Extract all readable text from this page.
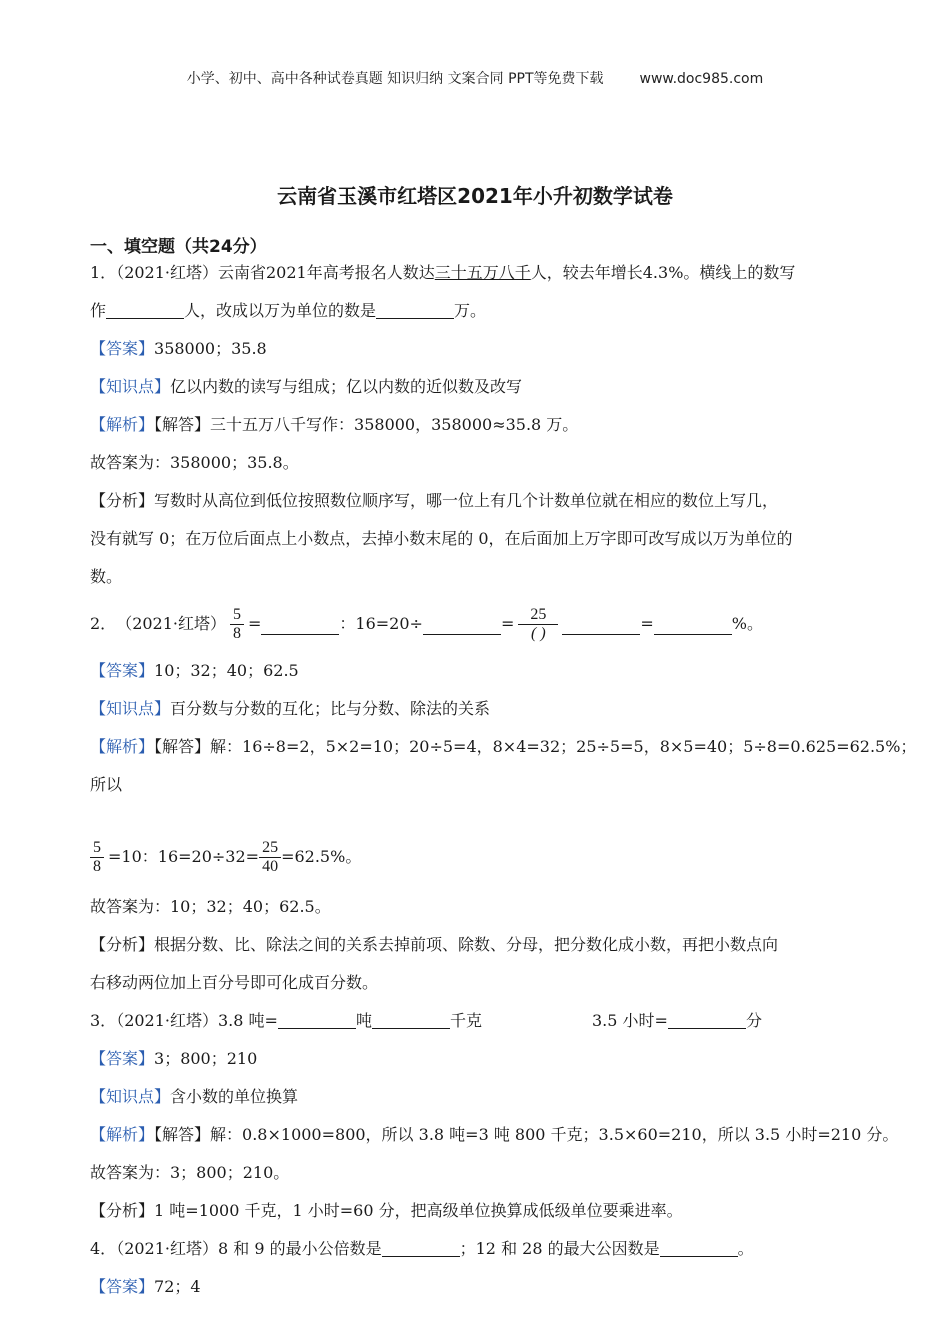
小学、初中、高中各种试卷真题 知识归纳 文案合同 PPT等免费下载	www.doc985.com
云南省玉溪市红塔区2021年小升初数学试卷
一、填空题（共24分）
1．（2021·红塔）云南省2021年高考报名人数达三十五万八千人，较去年增长4.3%。横线上的数写
作	人，改成以万为单位的数是	万。
【答案】358000；35.8
【知识点】亿以内数的读写与组成；亿以内数的近似数及改写
【解析】【解答】三十五万八千写作：358000，358000≈35.8 万。
故答案为：358000；35.8。
【分析】写数时从高位到低位按照数位顺序写，哪一位上有几个计数单位就在相应的数位上写几，
没有就写 0；在万位后面点上小数点，去掉小数末尾的 0，在后面加上万字即可改写成以万为单位的
数。
2． （2021·红塔） $\frac{5}{8}$ =	：16=20÷	= $\frac{25}{( )}$	=	%。
【答案】10；32；40；62.5
【知识点】百分数与分数的互化；比与分数、除法的关系
【解析】【解答】解：16÷8=2，5×2=10；20÷5=4，8×4=32；25÷5=5，8×5=40；5÷8=0.625=62.5%；
所以
$\frac{5}{8} =10$：$16=20\div 32= \frac{25}{40} =62.5\%$。
故答案为：10；32；40；62.5。
【分析】根据分数、比、除法之间的关系去掉前项、除数、分母，把分数化成小数，再把小数点向
右移动两位加上百分号即可化成百分数。
3．（2021·红塔）3.8 吨=	吨	千克	3.5 小时=	分
【答案】3；800；210
【知识点】含小数的单位换算
【解析】【解答】解：0.8×1000=800，所以 3.8 吨=3 吨 800 千克；3.5×60=210，所以 3.5 小时=210 分。
故答案为：3；800；210。
【分析】1 吨=1000 千克，1 小时=60 分，把高级单位换算成低级单位要乘进率。
4．（2021·红塔）8 和 9 的最小公倍数是	；12 和 28 的最大公因数是	。
【答案】72；4
